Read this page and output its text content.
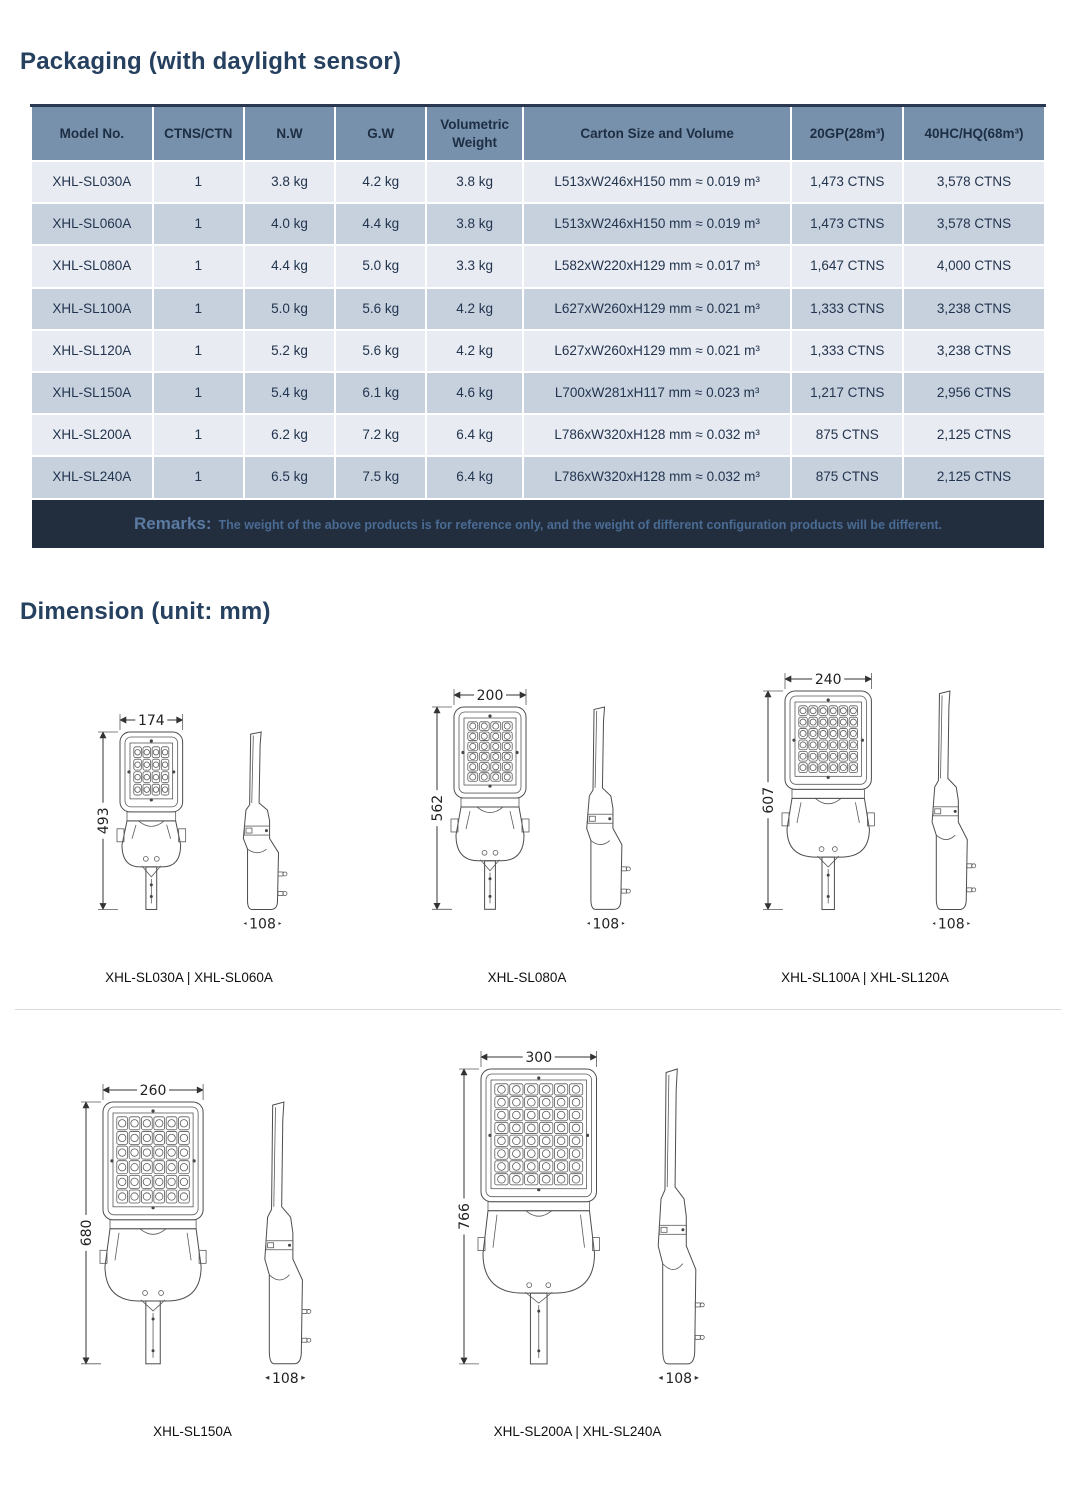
Packaging (with daylight sensor)
Model No.	CTNS/CTN	N.W	G.W	Volumetric Weight	Carton Size and Volume	20GP(28m³)	40HC/HQ(68m³)
XHL-SL030A	1	3.8 kg	4.2 kg	3.8 kg	L513xW246xH150 mm ≈ 0.019 m³	1,473 CTNS	3,578 CTNS
XHL-SL060A	1	4.0 kg	4.4 kg	3.8 kg	L513xW246xH150 mm ≈ 0.019 m³	1,473 CTNS	3,578 CTNS
XHL-SL080A	1	4.4 kg	5.0 kg	3.3 kg	L582xW220xH129 mm ≈ 0.017 m³	1,647 CTNS	4,000 CTNS
XHL-SL100A	1	5.0 kg	5.6 kg	4.2 kg	L627xW260xH129 mm ≈ 0.021 m³	1,333 CTNS	3,238 CTNS
XHL-SL120A	1	5.2 kg	5.6 kg	4.2 kg	L627xW260xH129 mm ≈ 0.021 m³	1,333 CTNS	3,238 CTNS
XHL-SL150A	1	5.4 kg	6.1 kg	4.6 kg	L700xW281xH117 mm ≈ 0.023 m³	1,217 CTNS	2,956 CTNS
XHL-SL200A	1	6.2 kg	7.2 kg	6.4 kg	L786xW320xH128 mm ≈ 0.032 m³	875 CTNS	2,125 CTNS
XHL-SL240A	1	6.5 kg	7.5 kg	6.4 kg	L786xW320xH128 mm ≈ 0.032 m³	875 CTNS	2,125 CTNS
Remarks: The weight of the above products is for reference only, and the weight of different configuration products will be different.							
Dimension (unit: mm)
174
493
108
XHL-SL030A | XHL-SL060A
200
562
108
XHL-SL080A
240
607
108
XHL-SL100A | XHL-SL120A
260
680
108
XHL-SL150A
300
766
108
XHL-SL200A | XHL-SL240A
